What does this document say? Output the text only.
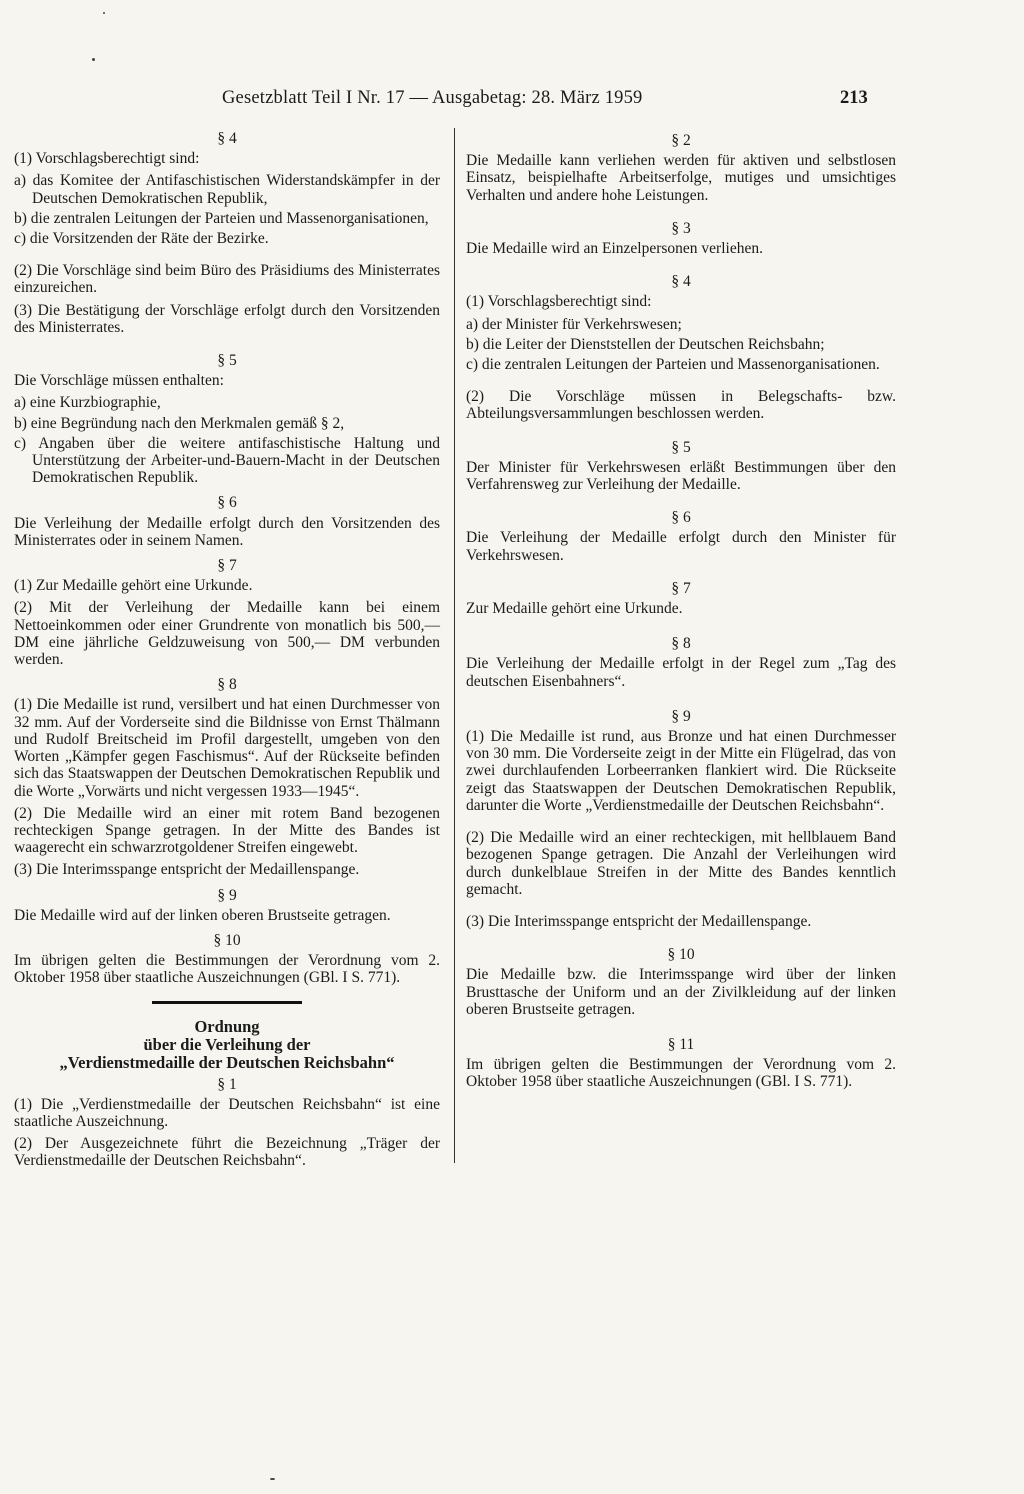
Gesetzblatt Teil I Nr. 17 — Ausgabetag: 28. März 1959	213
§ 4
(1) Vorschlagsberechtigt sind:
a) das Komitee der Antifaschistischen Widerstandskämpfer in der Deutschen Demokratischen Republik,
b) die zentralen Leitungen der Parteien und Massenorganisationen,
c) die Vorsitzenden der Räte der Bezirke.
(2) Die Vorschläge sind beim Büro des Präsidiums des Ministerrates einzureichen.
(3) Die Bestätigung der Vorschläge erfolgt durch den Vorsitzenden des Ministerrates.
§ 5
Die Vorschläge müssen enthalten:
a) eine Kurzbiographie,
b) eine Begründung nach den Merkmalen gemäß § 2,
c) Angaben über die weitere antifaschistische Haltung und Unterstützung der Arbeiter-und-Bauern-Macht in der Deutschen Demokratischen Republik.
§ 6
Die Verleihung der Medaille erfolgt durch den Vorsitzenden des Ministerrates oder in seinem Namen.
§ 7
(1) Zur Medaille gehört eine Urkunde.
(2) Mit der Verleihung der Medaille kann bei einem Nettoeinkommen oder einer Grundrente von monatlich bis 500,— DM eine jährliche Geldzuweisung von 500,— DM verbunden werden.
§ 8
(1) Die Medaille ist rund, versilbert und hat einen Durchmesser von 32 mm. Auf der Vorderseite sind die Bildnisse von Ernst Thälmann und Rudolf Breitscheid im Profil dargestellt, umgeben von den Worten „Kämpfer gegen Faschismus“. Auf der Rückseite befinden sich das Staatswappen der Deutschen Demokratischen Republik und die Worte „Vorwärts und nicht vergessen 1933—1945“.
(2) Die Medaille wird an einer mit rotem Band bezogenen rechteckigen Spange getragen. In der Mitte des Bandes ist waagerecht ein schwarzrotgoldener Streifen eingewebt.
(3) Die Interimsspange entspricht der Medaillenspange.
§ 9
Die Medaille wird auf der linken oberen Brustseite getragen.
§ 10
Im übrigen gelten die Bestimmungen der Verordnung vom 2. Oktober 1958 über staatliche Auszeichnungen (GBl. I S. 771).
Ordnung
über die Verleihung der
„Verdienstmedaille der Deutschen Reichsbahn“
§ 1
(1) Die „Verdienstmedaille der Deutschen Reichsbahn“ ist eine staatliche Auszeichnung.
(2) Der Ausgezeichnete führt die Bezeichnung „Träger der Verdienstmedaille der Deutschen Reichsbahn“.
§ 2
Die Medaille kann verliehen werden für aktiven und selbstlosen Einsatz, beispielhafte Arbeitserfolge, mutiges und umsichtiges Verhalten und andere hohe Leistungen.
§ 3
Die Medaille wird an Einzelpersonen verliehen.
§ 4
(1) Vorschlagsberechtigt sind:
a) der Minister für Verkehrswesen;
b) die Leiter der Dienststellen der Deutschen Reichsbahn;
c) die zentralen Leitungen der Parteien und Massenorganisationen.
(2) Die Vorschläge müssen in Belegschafts- bzw. Abteilungsversammlungen beschlossen werden.
§ 5
Der Minister für Verkehrswesen erläßt Bestimmungen über den Verfahrensweg zur Verleihung der Medaille.
§ 6
Die Verleihung der Medaille erfolgt durch den Minister für Verkehrswesen.
§ 7
Zur Medaille gehört eine Urkunde.
§ 8
Die Verleihung der Medaille erfolgt in der Regel zum „Tag des deutschen Eisenbahners“.
§ 9
(1) Die Medaille ist rund, aus Bronze und hat einen Durchmesser von 30 mm. Die Vorderseite zeigt in der Mitte ein Flügelrad, das von zwei durchlaufenden Lorbeerranken flankiert wird. Die Rückseite zeigt das Staatswappen der Deutschen Demokratischen Republik, darunter die Worte „Verdienstmedaille der Deutschen Reichsbahn“.
(2) Die Medaille wird an einer rechteckigen, mit hellblauem Band bezogenen Spange getragen. Die Anzahl der Verleihungen wird durch dunkelblaue Streifen in der Mitte des Bandes kenntlich gemacht.
(3) Die Interimsspange entspricht der Medaillenspange.
§ 10
Die Medaille bzw. die Interimsspange wird über der linken Brusttasche der Uniform und an der Zivilkleidung auf der linken oberen Brustseite getragen.
§ 11
Im übrigen gelten die Bestimmungen der Verordnung vom 2. Oktober 1958 über staatliche Auszeichnungen (GBl. I S. 771).
